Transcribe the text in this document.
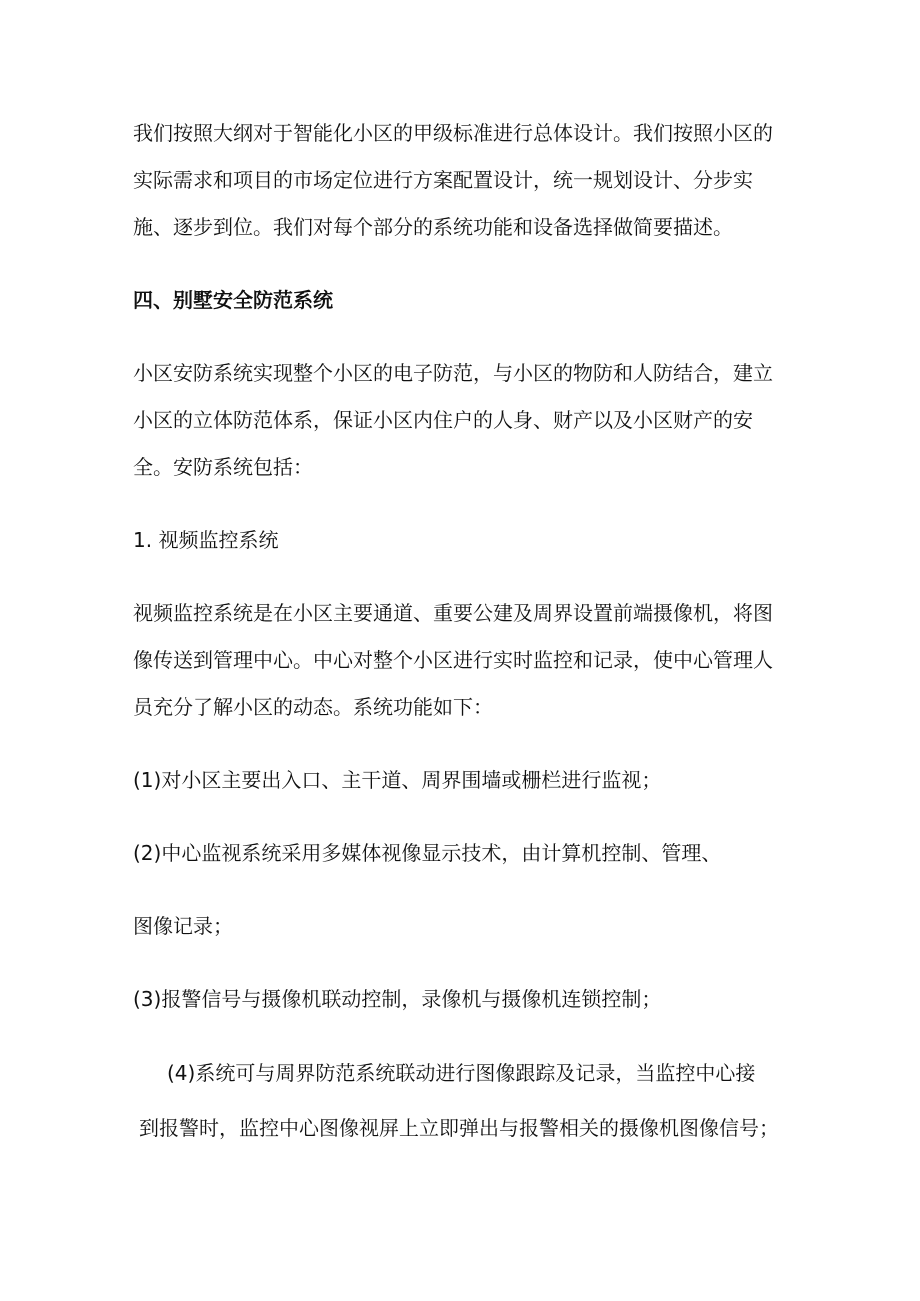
我们按照大纲对于智能化小区的甲级标准进行总体设计。我们按照小区的

实际需求和项目的市场定位进行方案配置设计，统一规划设计、分步实

施、逐步到位。我们对每个部分的系统功能和设备选择做简要描述。

四、别墅安全防范系统

小区安防系统实现整个小区的电子防范，与小区的物防和人防结合，建立

小区的立体防范体系，保证小区内住户的人身、财产以及小区财产的安

全。安防系统包括：

1. 视频监控系统

视频监控系统是在小区主要通道、重要公建及周界设置前端摄像机，将图

像传送到管理中心。中心对整个小区进行实时监控和记录，使中心管理人

员充分了解小区的动态。系统功能如下：

(1)对小区主要出入口、主干道、周界围墙或栅栏进行监视；

(2)中心监视系统采用多媒体视像显示技术，由计算机控制、管理、

图像记录；

(3)报警信号与摄像机联动控制，录像机与摄像机连锁控制；

(4)系统可与周界防范系统联动进行图像跟踪及记录，当监控中心接

到报警时，监控中心图像视屏上立即弹出与报警相关的摄像机图像信号；
